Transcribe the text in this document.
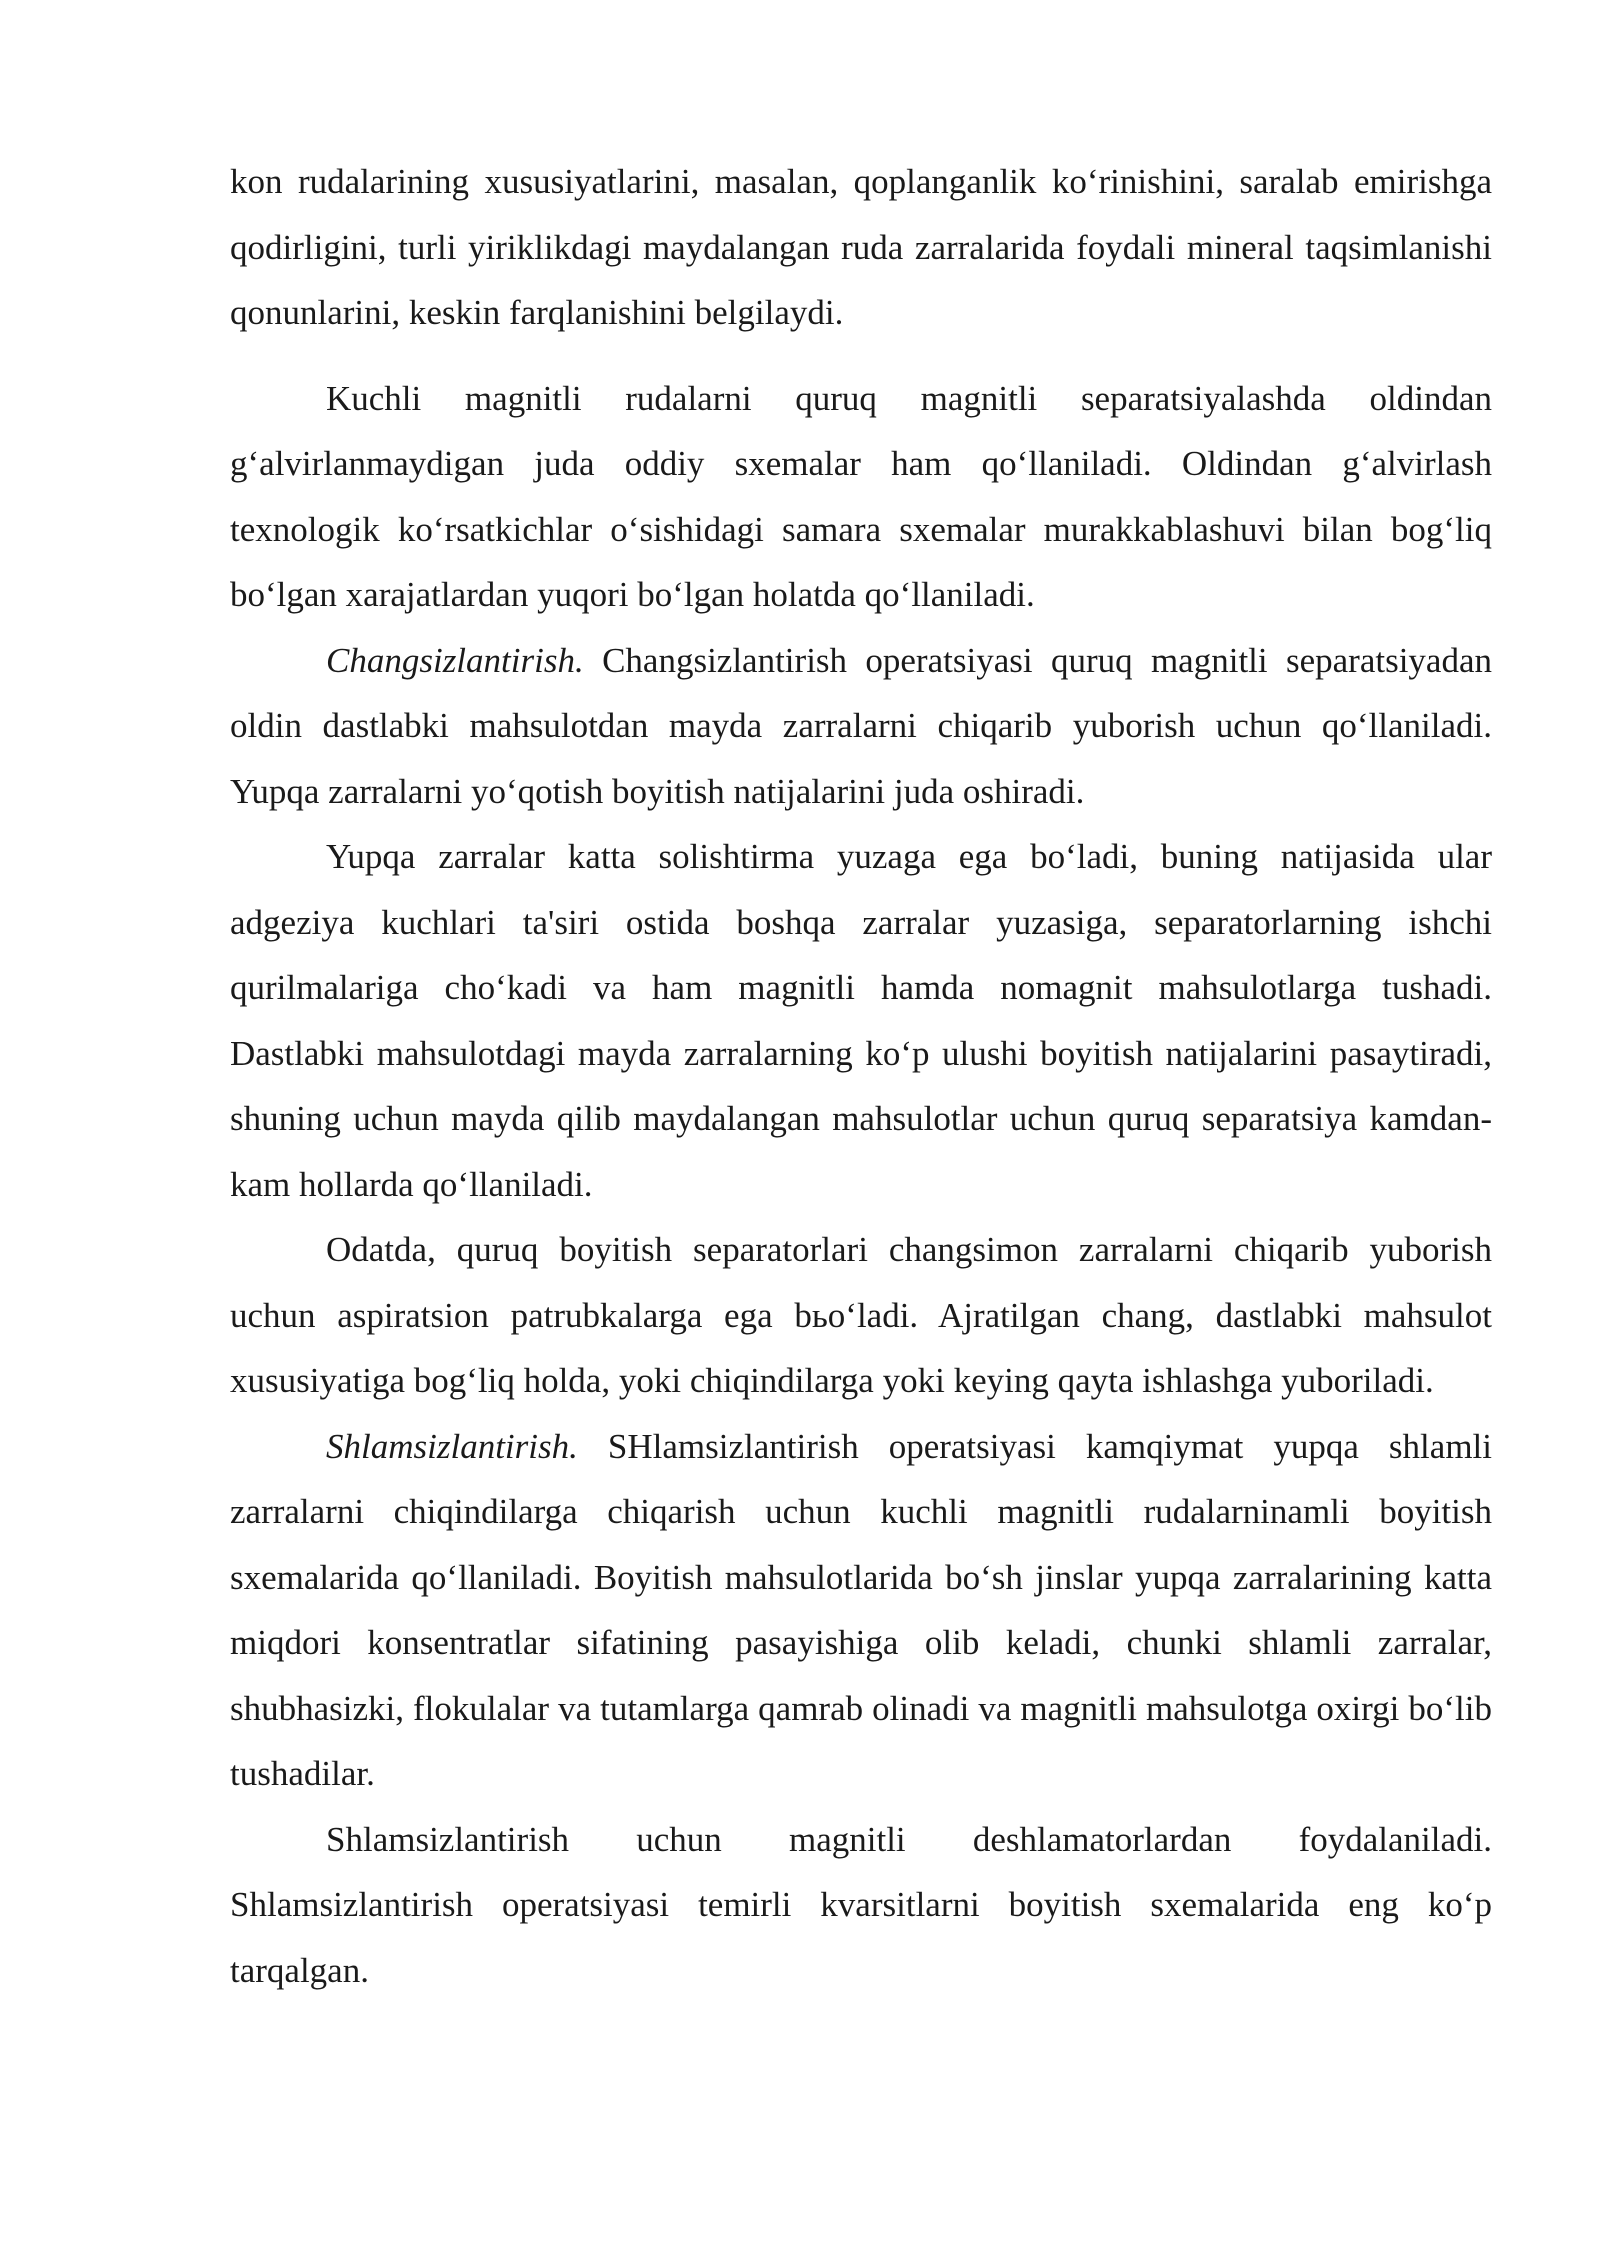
kon rudalarining xususiyatlarini, masalan, qoplanganlik ko‘rinishini, saralab emirishga qodirligini, turli yiriklikdagi maydalangan ruda zarralarida foydali mineral taqsimlanishi qonunlarini, keskin farqlanishini belgilaydi.

Kuchli magnitli rudalarni quruq magnitli separatsiyalashda oldindan g‘alvirlanmaydigan juda oddiy sxemalar ham qo‘llaniladi. Oldindan g‘alvirlash texnologik ko‘rsatkichlar o‘sishidagi samara sxemalar murakkablashuvi bilan bog‘liq bo‘lgan xarajatlardan yuqori bo‘lgan holatda qo‘llaniladi.

Changsizlantirish. Changsizlantirish operatsiyasi quruq magnitli separatsiyadan oldin dastlabki mahsulotdan mayda zarralarni chiqarib yuborish uchun qo‘llaniladi. Yupqa zarralarni yo‘qotish boyitish natijalarini juda oshiradi.

Yupqa zarralar katta solishtirma yuzaga ega bo‘ladi, buning natijasida ular adgeziya kuchlari ta'siri ostida boshqa zarralar yuzasiga, separatorlarning ishchi qurilmalariga cho‘kadi va ham magnitli hamda nomagnit mahsulotlarga tushadi. Dastlabki mahsulotdagi mayda zarralarning ko‘p ulushi boyitish natijalarini pasaytiradi, shuning uchun mayda qilib maydalangan mahsulotlar uchun quruq separatsiya kamdan-kam hollarda qo‘llaniladi.

Odatda, quruq boyitish separatorlari changsimon zarralarni chiqarib yuborish uchun aspiratsion patrubkalarga ega bьo‘ladi. Ajratilgan chang, dastlabki mahsulot xususiyatiga bog‘liq holda, yoki chiqindilarga yoki keying qayta ishlashga yuboriladi.

Shlamsizlantirish. SHlamsizlantirish operatsiyasi kamqiymat yupqa shlamli zarralarni chiqindilarga chiqarish uchun kuchli magnitli rudalarninamli boyitish sxemalarida qo‘llaniladi. Boyitish mahsulotlarida bo‘sh jinslar yupqa zarralarining katta miqdori konsentratlar sifatining pasayishiga olib keladi, chunki shlamli zarralar, shubhasizki, flokulalar va tutamlarga qamrab olinadi va magnitli mahsulotga oxirgi bo‘lib tushadilar.

Shlamsizlantirish uchun magnitli deshlamatorlardan foydalaniladi. Shlamsizlantirish operatsiyasi temirli kvarsitlarni boyitish sxemalarida eng ko‘p tarqalgan.
